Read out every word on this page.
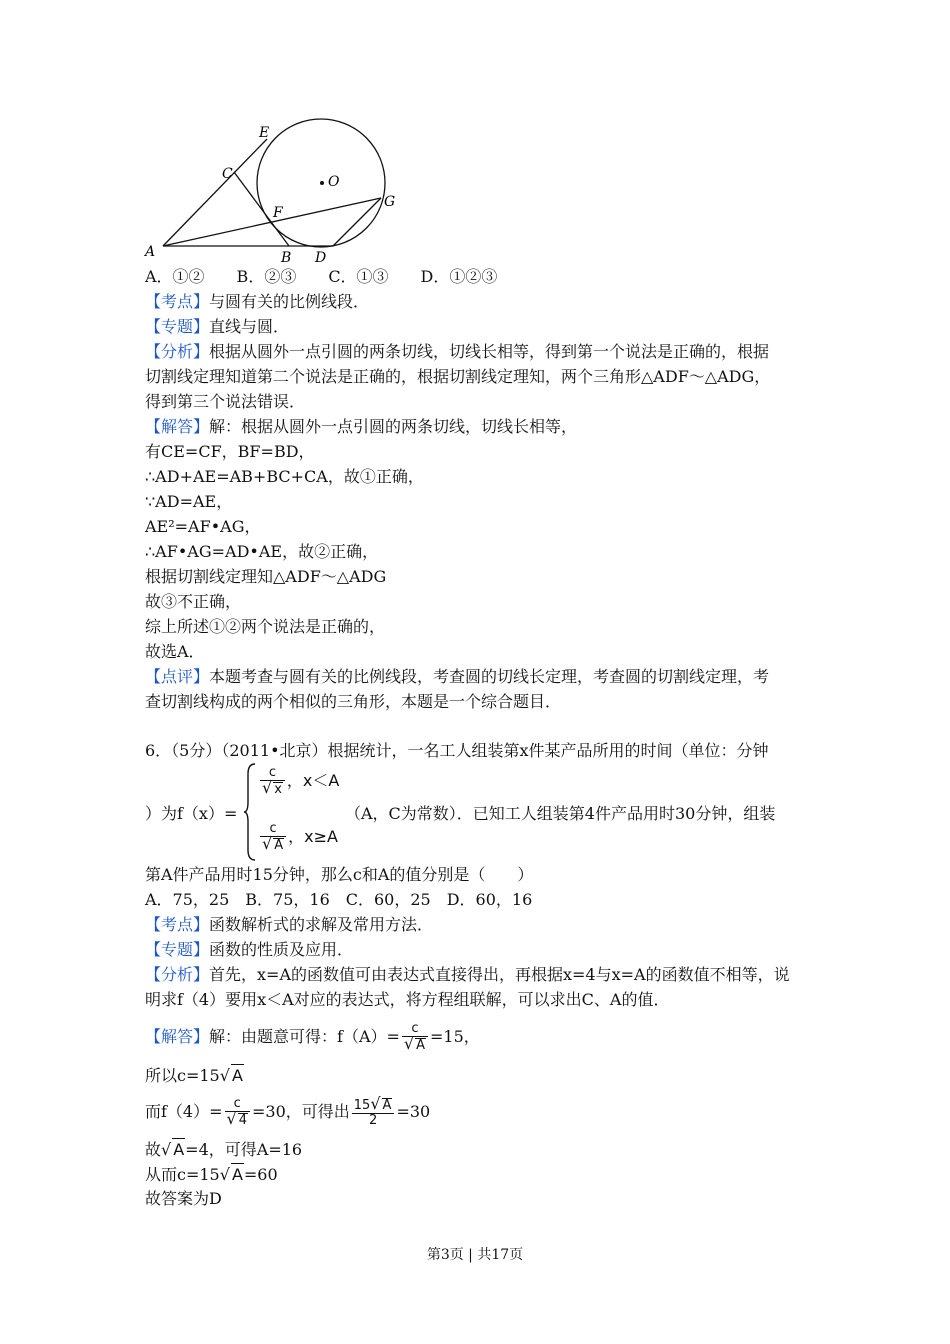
E
C	O
F
G
A	B D
A．①②　　B．②③　　C．①③　　D．①②③
【考点】与圆有关的比例线段．
【专题】直线与圆．
【分析】根据从圆外一点引圆的两条切线，切线长相等，得到第一个说法是正确的，根据
切割线定理知道第二个说法是正确的，根据切割线定理知，两个三角形△ADF～△ADG，
得到第三个说法错误．
【解答】解：根据从圆外一点引圆的两条切线，切线长相等，
有CE=CF，BF=BD，
∴AD+AE=AB+BC+CA，故①正确，
∵AD=AE，
AE²=AF•AG，
∴AF•AG=AD•AE，故②正确，
根据切割线定理知△ADF～△ADG
故③不正确，
综上所述①②两个说法是正确的，
故选A．
【点评】本题考查与圆有关的比例线段，考查圆的切线长定理，考查圆的切割线定理，考
查切割线构成的两个相似的三角形，本题是一个综合题目．
6．（5分）（2011•北京）根据统计，一名工人组装第x件某产品所用的时间（单位：分钟
）为f（x）=
$\frac{c}{√ x}$ ，x＜A
$\frac{c}{√ A}$ ，x≥A
（A，C为常数）．已知工人组装第4件产品用时30分钟，组装
第A件产品用时15分钟，那么c和A的值分别是（　　）
A．75，25　B．75，16　C．60，25　D．60，16
【考点】函数解析式的求解及常用方法．
【专题】函数的性质及应用．
【分析】首先，x=A的函数值可由表达式直接得出，再根据x=4与x=A的函数值不相等，说
明求f（4）要用x＜A对应的表达式，将方程组联解，可以求出C、A的值．
【解答】解：由题意可得：$f(A)= \frac{c}{√ A} =15$，
所以c=15√ A
而$f(4)= \frac{c}{√ 4} =30$，可得出 $\frac{15√ A}{2} =30$
故√ A=4，可得A=16
从而c=15√ A=60
故答案为D
第3页 | 共17页
